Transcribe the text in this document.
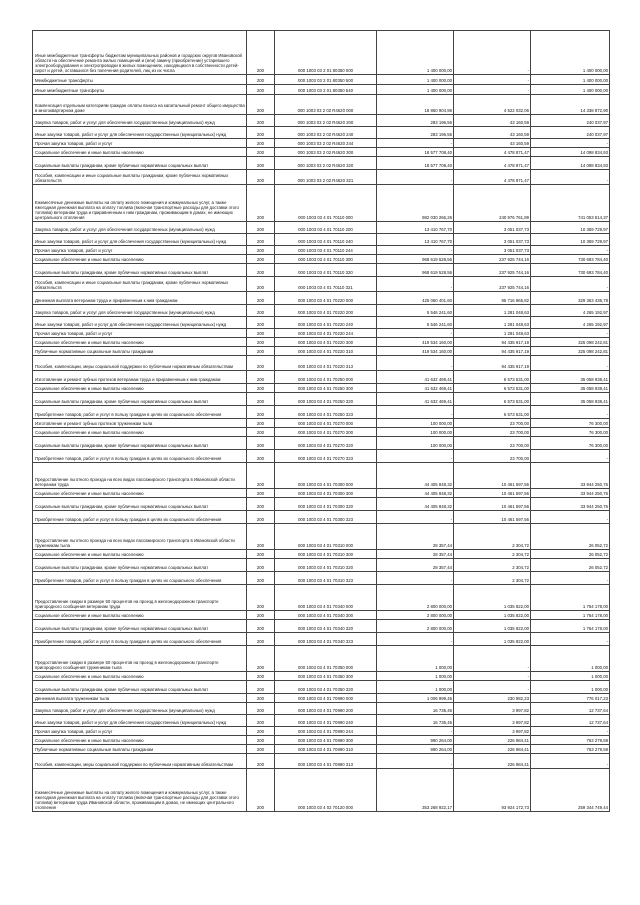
Иные межбюджетные трансферты бюджетам муниципальных районов и городских округов Ивановской области на обеспечение ремонта жилых помещений и (или) замену (приобретение) устаревшего электрооборудования и электропроводки в жилых помещениях, находящихся в собственности детей-сирот и детей, оставшихся без попечения родителей, лиц из их числа	200	000 1003 03 2 01 80350 000	1 400 000,00	-	1 400 000,00
Межбюджетные трансферты	200	000 1003 03 2 01 80350 500	1 400 000,00	-	1 400 000,00
Иные межбюджетные трансферты	200	000 1003 03 2 01 80350 540	1 400 000,00	-	1 400 000,00
Компенсация отдельным категориям граждан оплаты взноса на капитальный ремонт общего имущества в многоквартирном доме	200	000 1003 03 2 02 R4620 000	18 860 904,96	4 522 032,06	14 338 872,90
Закупка товаров, работ и услуг для обеспечения государственных (муниципальных) нужд	200	000 1003 03 2 02 R4620 200	283 196,56	43 160,59	240 037,97
Иные закупки товаров, работ и услуг для обеспечения государственных (муниципальных) нужд	200	000 1003 03 2 02 R4620 240	283 196,56	43 160,59	240 037,97
Прочая закупка товаров, работ и услуг	200	000 1003 03 2 02 R4620 244	-	43 160,59	-
Социальное обеспечение и иные выплаты населению	200	000 1003 03 2 02 R4620 300	18 577 708,40	4 478 871,47	14 098 834,93
Социальные выплаты гражданам, кроме публичных нормативных социальных выплат	200	000 1003 03 2 02 R4620 320	18 577 708,40	4 478 871,47	14 098 834,93
Пособия, компенсации и иные социальные выплаты гражданам, кроме публичных нормативных обязательств	200	000 1003 03 2 02 R4620 321	-	4 478 871,47	-
Ежемесячные денежные выплаты на оплату жилого помещения и коммунальных услуг, а также ежегодная денежная выплата на оплату топлива (включая транспортные расходы для доставки этого топлива) ветеранам труда и приравненным к ним гражданам, проживающим в домах, не имеющих центрального отопления	200	000 1003 03 4 01 70110 000	982 030 266,26	240 976 761,89	741 053 514,37
Закупка товаров, работ и услуг для обеспечения государственных (муниципальных) нужд	200	000 1003 03 4 01 70110 200	13 410 767,70	3 051 037,73	10 359 729,97
Иные закупки товаров, работ и услуг для обеспечения государственных (муниципальных) нужд	200	000 1003 03 4 01 70110 240	13 410 767,70	3 051 037,73	10 359 729,97
Прочая закупка товаров, работ и услуг	200	000 1003 03 4 01 70110 244	-	3 051 037,73	-
Социальное обеспечение и иные выплаты населению	200	000 1003 03 4 01 70110 300	968 619 528,56	237 925 744,16	730 693 784,40
Социальные выплаты гражданам, кроме публичных нормативных социальных выплат	200	000 1003 03 4 01 70110 320	968 619 528,56	237 925 744,16	730 693 784,40
Пособия, компенсации и иные социальные выплаты гражданам, кроме публичных нормативных обязательств	200	000 1003 03 4 01 70110 321	-	237 925 744,16	-
Денежная выплата ветеранам труда и приравненным к ним гражданам	200	000 1003 03 4 01 70220 000	425 060 401,60	95 716 965,82	329 363 435,78
Закупка товаров, работ и услуг для обеспечения государственных (муниципальных) нужд	200	000 1003 03 4 01 70220 200	5 546 241,60	1 281 048,63	4 265 192,97
Иные закупки товаров, работ и услуг для обеспечения государственных (муниципальных) нужд	200	000 1003 03 4 01 70220 240	5 546 241,60	1 281 048,63	4 265 192,97
Прочая закупка товаров, работ и услуг	200	000 1003 03 4 01 70220 244	-	1 281 048,63	-
Социальное обеспечение и иные выплаты населению	200	000 1003 03 4 01 70220 300	419 534 160,00	94 435 917,19	325 098 242,81
Публичные нормативные социальные выплаты гражданам	200	000 1003 03 4 01 70220 310	419 534 160,00	94 435 917,19	325 098 242,81
Пособия, компенсации, меры социальной поддержки по публичным нормативным обязательствам	200	000 1003 03 4 01 70220 313	-	94 435 917,19	-
Изготовление и ремонт зубных протезов ветеранам труда и приравненным к ним гражданам	200	000 1003 03 4 01 70250 000	41 632 469,41	6 573 531,00	35 058 938,41
Социальное обеспечение и иные выплаты населению	200	000 1003 03 4 01 70250 300	41 632 469,41	6 573 531,00	35 058 938,41
Социальные выплаты гражданам, кроме публичных нормативных социальных выплат	200	000 1003 03 4 01 70250 320	41 632 469,41	6 573 531,00	35 058 938,41
Приобретение товаров, работ и услуг в пользу граждан в целях их социального обеспечения	200	000 1003 03 4 01 70250 323	-	6 573 531,00	-
Изготовление и ремонт зубных протезов труженикам тыла	200	000 1003 03 4 01 70270 000	100 000,00	23 700,00	76 300,00
Социальное обеспечение и иные выплаты населению	200	000 1003 03 4 01 70270 300	100 000,00	23 700,00	76 300,00
Социальные выплаты гражданам, кроме публичных нормативных социальных выплат	200	000 1003 03 4 01 70270 320	100 000,00	23 700,00	76 300,00
Приобретение товаров, работ и услуг в пользу граждан в целях их социального обеспечения	200	000 1003 03 4 01 70270 323	-	23 700,00	-
Предоставление льготного проезда на всех видах пассажирского транспорта в Ивановской области ветеранам труда	200	000 1003 03 4 01 70300 000	44 405 848,32	10 461 597,56	33 944 250,76
Социальное обеспечение и иные выплаты населению	200	000 1003 03 4 01 70300 300	44 405 848,32	10 461 597,56	33 944 250,76
Социальные выплаты гражданам, кроме публичных нормативных социальных выплат	200	000 1003 03 4 01 70300 320	44 405 848,32	10 461 597,56	33 944 250,76
Приобретение товаров, работ и услуг в пользу граждан в целях их социального обеспечения	200	000 1003 03 4 01 70300 323	-	10 461 597,56	-
Предоставление льготного проезда на всех видах пассажирского транспорта в Ивановской области труженикам тыла	200	000 1003 03 4 01 70310 000	28 357,44	2 304,72	26 052,72
Социальное обеспечение и иные выплаты населению	200	000 1003 03 4 01 70310 300	28 357,44	2 304,72	26 052,72
Социальные выплаты гражданам, кроме публичных нормативных социальных выплат	200	000 1003 03 4 01 70310 320	28 357,44	2 304,72	26 052,72
Приобретение товаров, работ и услуг в пользу граждан в целях их социального обеспечения	200	000 1003 03 4 01 70310 323	-	2 304,72	-
Предоставление скидки в размере 50 процентов на проезд в железнодорожном транспорте пригородного сообщения ветеранам труда	200	000 1003 03 4 01 70340 000	2 800 000,00	1 035 822,00	1 764 178,00
Социальное обеспечение и иные выплаты населению	200	000 1003 03 4 01 70340 300	2 800 000,00	1 035 822,00	1 764 178,00
Социальные выплаты гражданам, кроме публичных нормативных социальных выплат	200	000 1003 03 4 01 70340 320	2 800 000,00	1 035 822,00	1 764 178,00
Приобретение товаров, работ и услуг в пользу граждан в целях их социального обеспечения	200	000 1003 03 4 01 70340 323	-	1 035 822,00	-
Предоставление скидки в размере 50 процентов на проезд в железнодорожном транспорте пригородного сообщения труженикам тыла	200	000 1003 03 4 01 70350 000	1 000,00	-	1 000,00
Социальное обеспечение и иные выплаты населению	200	000 1003 03 4 01 70350 300	1 000,00	-	1 000,00
Социальные выплаты гражданам, кроме публичных нормативных социальных выплат	200	000 1003 03 4 01 70350 320	1 000,00	-	1 000,00
Денежная выплата труженикам тыла	200	000 1003 03 4 01 70990 000	1 006 999,46	230 982,23	776 017,23
Закупка товаров, работ и услуг для обеспечения государственных (муниципальных) нужд	200	000 1003 03 4 01 70990 200	16 735,46	3 997,82	12 737,64
Иные закупки товаров, работ и услуг для обеспечения государственных (муниципальных) нужд	200	000 1003 03 4 01 70990 240	16 735,46	3 997,82	12 737,64
Прочая закупка товаров, работ и услуг	200	000 1003 03 4 01 70990 244	-	3 997,82	-
Социальное обеспечение и иные выплаты населению	200	000 1003 03 4 01 70990 300	990 264,00	226 984,41	763 279,59
Публичные нормативные социальные выплаты гражданам	200	000 1003 03 4 01 70990 310	990 264,00	226 984,41	763 279,59
Пособия, компенсации, меры социальной поддержки по публичным нормативным обязательствам	200	000 1003 03 4 01 70990 313	-	226 984,41	-
Ежемесячные денежные выплаты на оплату жилого помещения и коммунальных услуг, а также ежегодная денежная выплата на оплату топлива (включая транспортные расходы для доставки этого топлива) ветеранам труда Ивановской области, проживающим в домах, не имеющих центрального отопления	200	000 1003 03 4 02 70120 000	353 268 922,17	93 924 172,73	259 344 749,44
